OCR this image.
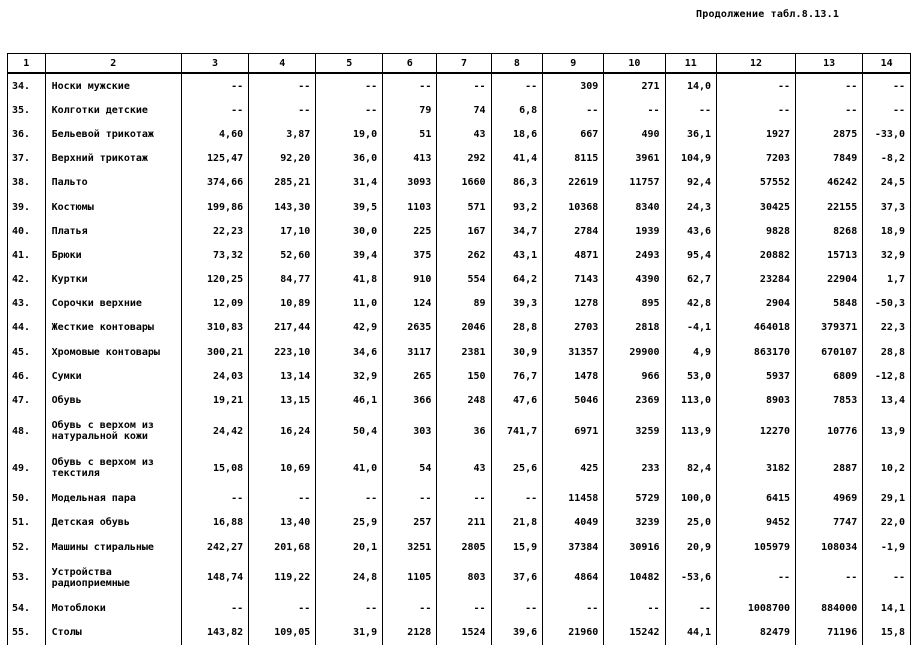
Продолжение табл.8.13.1
1	2	3	4	5	6	7	8	9	10	11	12	13	14
34.	Носки мужские	--	--	--	--	--	--	309	271	14,0	--	--	--
35.	Колготки детские	--	--	--	79	74	6,8	--	--	--	--	--	--
36.	Бельевой трикотаж	4,60	3,87	19,0	51	43	18,6	667	490	36,1	1927	2875	-33,0
37.	Верхний трикотаж	125,47	92,20	36,0	413	292	41,4	8115	3961	104,9	7203	7849	-8,2
38.	Пальто	374,66	285,21	31,4	3093	1660	86,3	22619	11757	92,4	57552	46242	24,5
39.	Костюмы	199,86	143,30	39,5	1103	571	93,2	10368	8340	24,3	30425	22155	37,3
40.	Платья	22,23	17,10	30,0	225	167	34,7	2784	1939	43,6	9828	8268	18,9
41.	Брюки	73,32	52,60	39,4	375	262	43,1	4871	2493	95,4	20882	15713	32,9
42.	Куртки	120,25	84,77	41,8	910	554	64,2	7143	4390	62,7	23284	22904	1,7
43.	Сорочки верхние	12,09	10,89	11,0	124	89	39,3	1278	895	42,8	2904	5848	-50,3
44.	Жесткие контовары	310,83	217,44	42,9	2635	2046	28,8	2703	2818	-4,1	464018	379371	22,3
45.	Хромовые контовары	300,21	223,10	34,6	3117	2381	30,9	31357	29900	4,9	863170	670107	28,8
46.	Сумки	24,03	13,14	32,9	265	150	76,7	1478	966	53,0	5937	6809	-12,8
47.	Обувь	19,21	13,15	46,1	366	248	47,6	5046	2369	113,0	8903	7853	13,4
48.	Обувь с верхом из натуральной кожи	24,42	16,24	50,4	303	36	741,7	6971	3259	113,9	12270	10776	13,9
49.	Обувь с верхом из текстиля	15,08	10,69	41,0	54	43	25,6	425	233	82,4	3182	2887	10,2
50.	Модельная пара	--	--	--	--	--	--	11458	5729	100,0	6415	4969	29,1
51.	Детская обувь	16,88	13,40	25,9	257	211	21,8	4049	3239	25,0	9452	7747	22,0
52.	Машины стиральные	242,27	201,68	20,1	3251	2805	15,9	37384	30916	20,9	105979	108034	-1,9
53.	Устройства радиоприемные	148,74	119,22	24,8	1105	803	37,6	4864	10482	-53,6	--	--	--
54.	Мотоблоки	--	--	--	--	--	--	--	--	--	1008700	884000	14,1
55.	Столы	143,82	109,05	31,9	2128	1524	39,6	21960	15242	44,1	82479	71196	15,8
